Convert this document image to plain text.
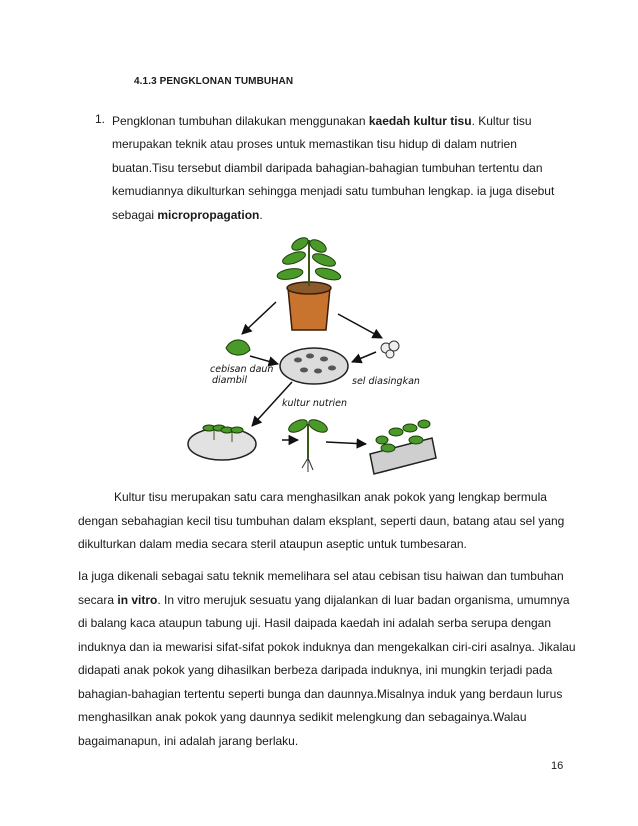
4.1.3 PENGKLONAN TUMBUHAN
1. Pengklonan tumbuhan dilakukan menggunakan kaedah kultur tisu. Kultur tisu merupakan teknik atau proses untuk memastikan tisu hidup di dalam nutrien buatan.Tisu tersebut diambil daripada bahagian-bahagian tumbuhan tertentu dan kemudiannya dikulturkan sehingga menjadi satu tumbuhan lengkap. ia juga disebut sebagai micropropagation.
cebisan daun
diambil	sel diasingkan
kultur nutrien
Kultur tisu merupakan satu cara menghasilkan anak pokok yang lengkap bermula dengan sebahagian kecil tisu tumbuhan dalam eksplant, seperti daun, batang atau sel yang dikulturkan dalam media secara steril ataupun aseptic untuk tumbesaran.
Ia juga dikenali sebagai satu teknik memelihara sel atau cebisan tisu haiwan dan tumbuhan secara in vitro. In vitro merujuk sesuatu yang dijalankan di luar badan organisma, umumnya di balang kaca ataupun tabung uji. Hasil daipada kaedah ini adalah serba serupa dengan induknya dan ia mewarisi sifat-sifat pokok induknya dan mengekalkan ciri-ciri asalnya. Jikalau didapati anak pokok yang dihasilkan berbeza daripada induknya, ini mungkin terjadi pada bahagian-bahagian tertentu seperti bunga dan daunnya.Misalnya induk yang berdaun lurus menghasilkan anak pokok yang daunnya sedikit melengkung dan sebagainya.Walau bagaimanapun, ini adalah jarang berlaku.
16
